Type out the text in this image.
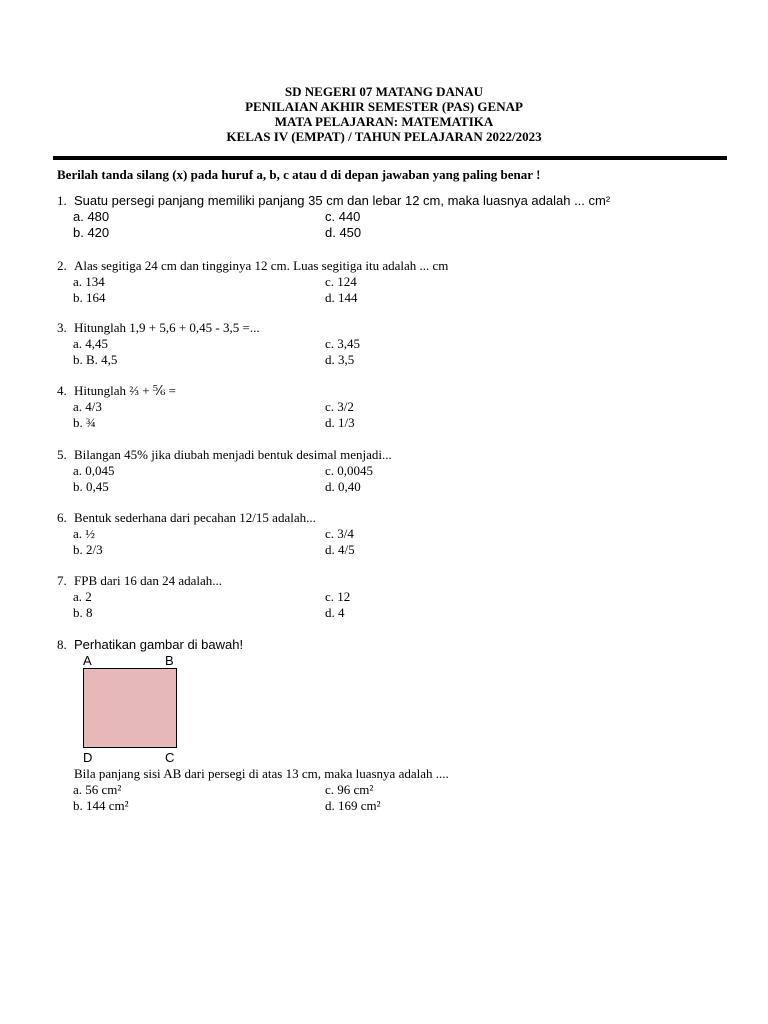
SD NEGERI 07 MATANG DANAU
PENILAIAN AKHIR SEMESTER (PAS) GENAP
MATA PELAJARAN: MATEMATIKA
KELAS IV (EMPAT) / TAHUN PELAJARAN 2022/2023
Berilah tanda silang (x) pada huruf a, b, c atau d di depan jawaban yang paling benar !
1. Suatu persegi panjang memiliki panjang 35 cm dan lebar 12 cm, maka luasnya adalah ... cm²
a. 480	c. 440
b. 420	d. 450
2. Alas segitiga 24 cm dan tingginya 12 cm. Luas segitiga itu adalah ... cm
a. 134	c. 124
b. 164	d. 144
3. Hitunglah 1,9 + 5,6 + 0,45 - 3,5 =...
a. 4,45	c. 3,45
b. B. 4,5	d. 3,5
4. Hitunglah ⅔ + ⅚ =
a. 4/3	c. 3/2
b. ¾	d. 1/3
5. Bilangan 45% jika diubah menjadi bentuk desimal menjadi...
a. 0,045	c. 0,0045
b. 0,45	d. 0,40
6. Bentuk sederhana dari pecahan 12/15 adalah...
a. ½	c. 3/4
b. 2/3	d. 4/5
7. FPB dari 16 dan 24 adalah...
a. 2	c. 12
b. 8	d. 4
8. Perhatikan gambar di bawah!
A	B
D	C
Bila panjang sisi AB dari persegi di atas 13 cm, maka luasnya adalah ....
a. 56 cm²	c. 96 cm²
b. 144 cm²	d. 169 cm²
